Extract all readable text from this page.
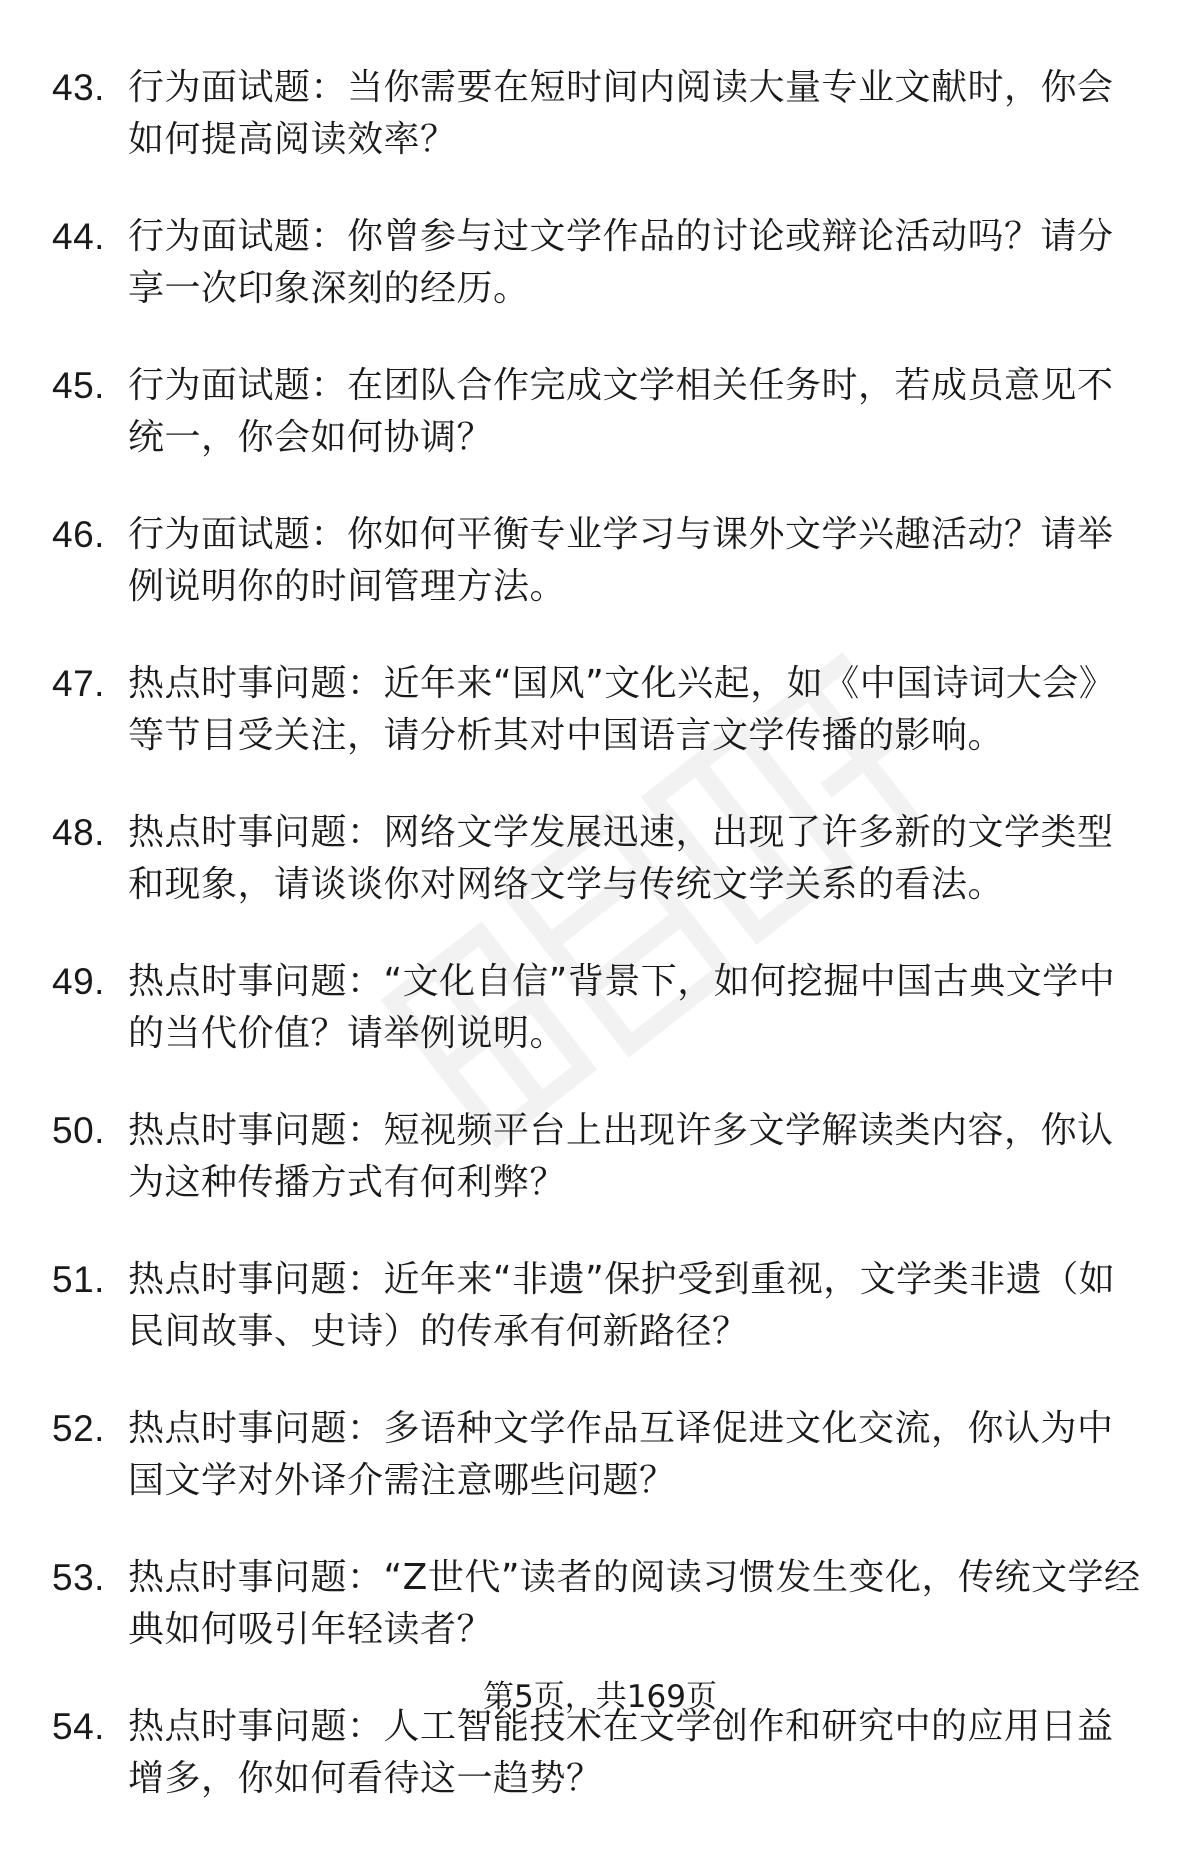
43. 行为面试题：当你需要在短时间内阅读大量专业文献时，你会如何提高阅读效率？
44. 行为面试题：你曾参与过文学作品的讨论或辩论活动吗？请分享一次印象深刻的经历。
45. 行为面试题：在团队合作完成文学相关任务时，若成员意见不统一，你会如何协调？
46. 行为面试题：你如何平衡专业学习与课外文学兴趣活动？请举例说明你的时间管理方法。
47. 热点时事问题：近年来“国风”文化兴起，如《中国诗词大会》等节目受关注，请分析其对中国语言文学传播的影响。
48. 热点时事问题：网络文学发展迅速，出现了许多新的文学类型和现象，请谈谈你对网络文学与传统文学关系的看法。
49. 热点时事问题：“文化自信”背景下，如何挖掘中国古典文学中的当代价值？请举例说明。
50. 热点时事问题：短视频平台上出现许多文学解读类内容，你认为这种传播方式有何利弊？
51. 热点时事问题：近年来“非遗”保护受到重视，文学类非遗（如民间故事、史诗）的传承有何新路径？
52. 热点时事问题：多语种文学作品互译促进文化交流，你认为中国文学对外译介需注意哪些问题？
53. 热点时事问题：“Z世代”读者的阅读习惯发生变化，传统文学经典如何吸引年轻读者？
54. 热点时事问题：人工智能技术在文学创作和研究中的应用日益增多，你如何看待这一趋势？
第5页，共169页
